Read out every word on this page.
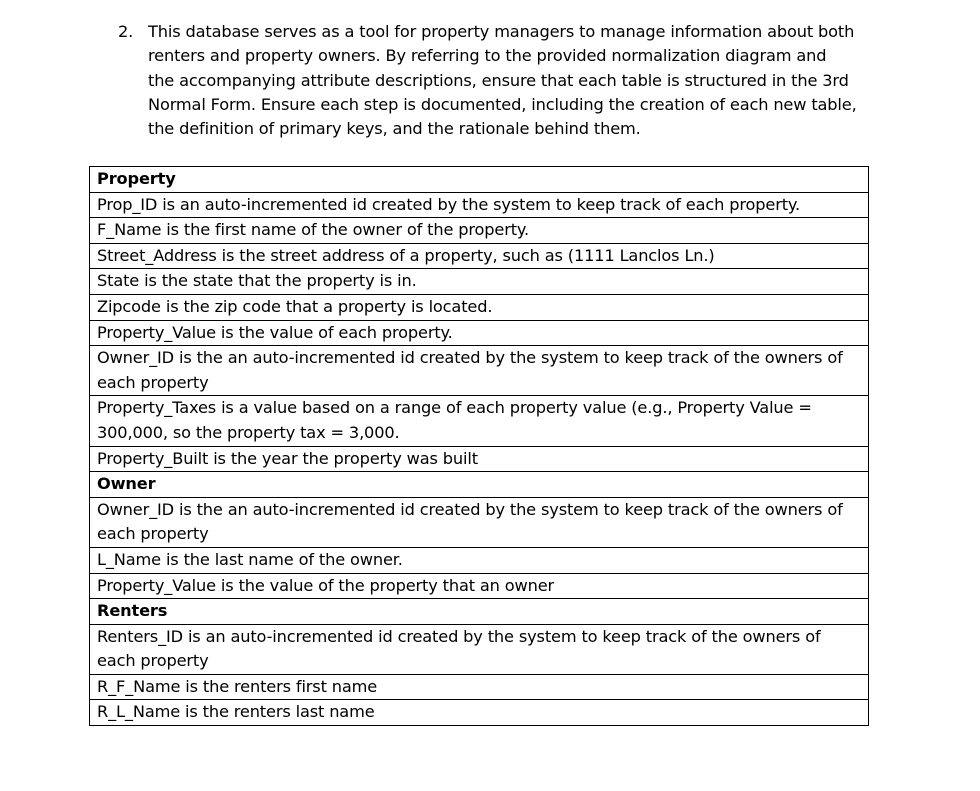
2. This database serves as a tool for property managers to manage information about both
renters and property owners. By referring to the provided normalization diagram and
the accompanying attribute descriptions, ensure that each table is structured in the 3rd
Normal Form. Ensure each step is documented, including the creation of each new table,
the definition of primary keys, and the rationale behind them.
Property

Prop_ID is an auto-incremented id created by the system to keep track of each property.

F_Name is the first name of the owner of the property.

Street_Address is the street address of a property, such as (1111 Lanclos Ln.)

State is the state that the property is in.

Zipcode is the zip code that a property is located.

Property_Value is the value of each property.

Owner_ID is the an auto-incremented id created by the system to keep track of the owners of
each property

Property_Taxes is a value based on a range of each property value (e.g., Property Value =
300,000, so the property tax = 3,000.

Property_Built is the year the property was built

Owner

Owner_ID is the an auto-incremented id created by the system to keep track of the owners of
each property

L_Name is the last name of the owner.

Property_Value is the value of the property that an owner

Renters

Renters_ID is an auto-incremented id created by the system to keep track of the owners of
each property

R_F_Name is the renters first name

R_L_Name is the renters last name
